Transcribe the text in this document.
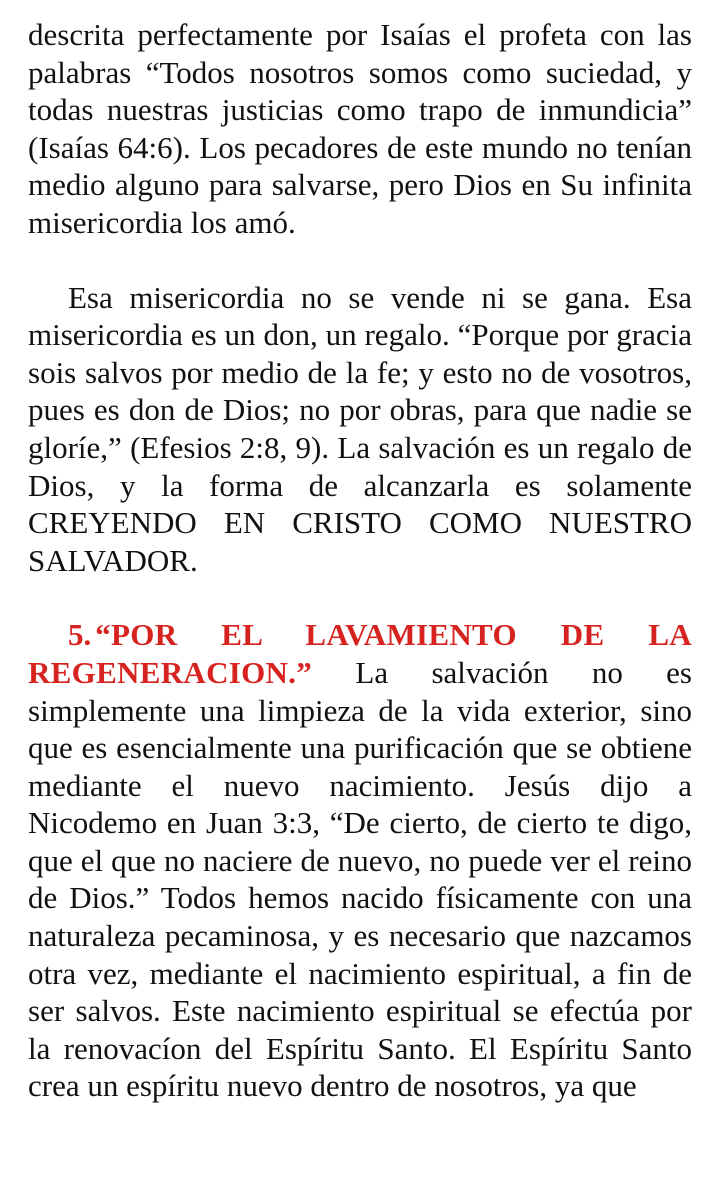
descrita perfectamente por Isaías el profeta con las palabras “Todos nosotros somos como suciedad, y todas nuestras justicias como trapo de inmundicia” (Isaías 64:6). Los pecadores de este mundo no tenían medio alguno para salvarse, pero Dios en Su infinita misericordia los amó.

Esa misericordia no se vende ni se gana. Esa misericordia es un don, un regalo. “Porque por gracia sois salvos por medio de la fe; y esto no de vosotros, pues es don de Dios; no por obras, para que nadie se gloríe,” (Efesios 2:8, 9). La salvación es un regalo de Dios, y la forma de alcanzarla es solamente CREYENDO EN CRISTO COMO NUESTRO SALVADOR.

5. “POR EL LAVAMIENTO DE LA REGENERACION.” La salvación no es simplemente una limpieza de la vida exterior, sino que es esencialmente una purificación que se obtiene mediante el nuevo nacimiento. Jesús dijo a Nicodemo en Juan 3:3, “De cierto, de cierto te digo, que el que no naciere de nuevo, no puede ver el reino de Dios.” Todos hemos nacido físicamente con una naturaleza pecaminosa, y es necesario que nazcamos otra vez, mediante el nacimiento espiritual, a fin de ser salvos. Este nacimiento espiritual se efectúa por la renovacíon del Espíritu Santo. El Espíritu Santo crea un espíritu nuevo dentro de nosotros, ya que
